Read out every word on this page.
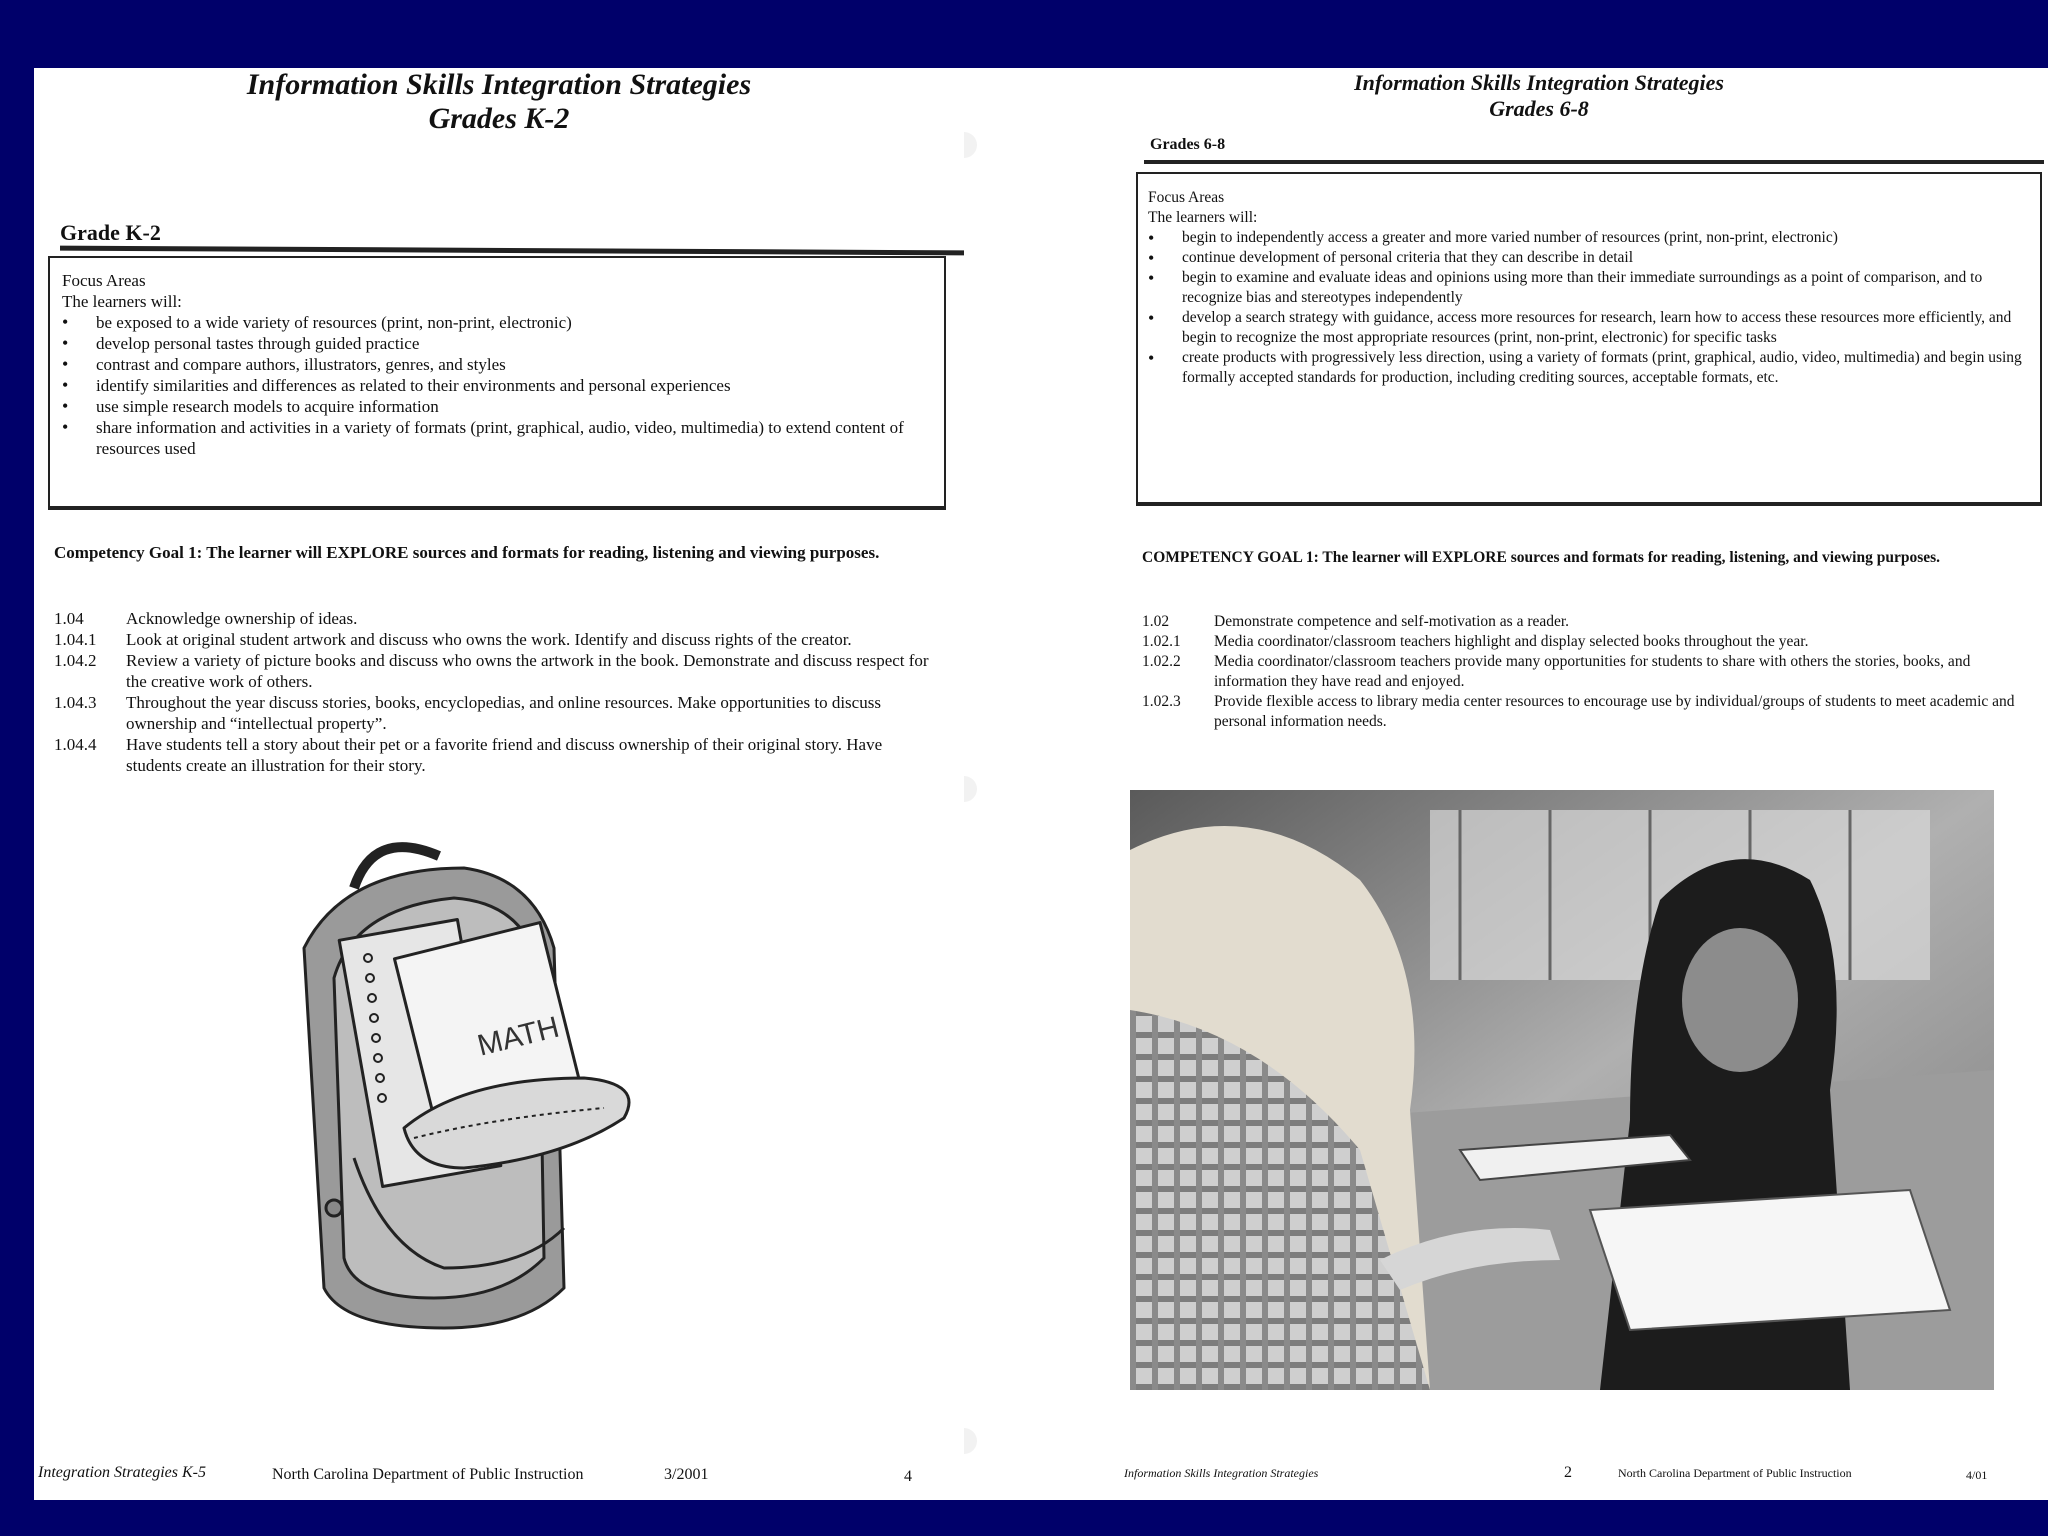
Information Skills Integration Strategies
Grades K-2
Grade K-2
Focus Areas
The learners will:
• be exposed to a wide variety of resources (print, non-print, electronic)
• develop personal tastes through guided practice
• contrast and compare authors, illustrators, genres, and styles
• identify similarities and differences as related to their environments and personal experiences
• use simple research models to acquire information
• share information and activities in a variety of formats (print, graphical, audio, video, multimedia) to extend content of resources used
Competency Goal 1: The learner will EXPLORE sources and formats for reading, listening and viewing purposes.
1.04 Acknowledge ownership of ideas.
1.04.1 Look at original student artwork and discuss who owns the work. Identify and discuss rights of the creator.
1.04.2 Review a variety of picture books and discuss who owns the artwork in the book. Demonstrate and discuss respect for the creative work of others.
1.04.3 Throughout the year discuss stories, books, encyclopedias, and online resources. Make opportunities to discuss ownership and “intellectual property”.
1.04.4 Have students tell a story about their pet or a favorite friend and discuss ownership of their original story. Have students create an illustration for their story.
MATH
Integration Strategies K-5	North Carolina Department of Public Instruction	3/2001	4
Information Skills Integration Strategies
Grades 6-8
Grades 6-8
Focus Areas
The learners will:
• begin to independently access a greater and more varied number of resources (print, non-print, electronic)
• continue development of personal criteria that they can describe in detail
• begin to examine and evaluate ideas and opinions using more than their immediate surroundings as a point of comparison, and to recognize bias and stereotypes independently
• develop a search strategy with guidance, access more resources for research, learn how to access these resources more efficiently, and begin to recognize the most appropriate resources (print, non-print, electronic) for specific tasks
• create products with progressively less direction, using a variety of formats (print, graphical, audio, video, multimedia) and begin using formally accepted standards for production, including crediting sources, acceptable formats, etc.
COMPETENCY GOAL 1: The learner will EXPLORE sources and formats for reading, listening, and viewing purposes.
1.02	Demonstrate competence and self-motivation as a reader.
1.02.1 Media coordinator/classroom teachers highlight and display selected books throughout the year.
1.02.2 Media coordinator/classroom teachers provide many opportunities for students to share with others the stories, books, and information they have read and enjoyed.
1.02.3 Provide flexible access to library media center resources to encourage use by individual/groups of students to meet academic and personal information needs.
Information Skills Integration Strategies	2	North Carolina Department of Public Instruction	4/01
